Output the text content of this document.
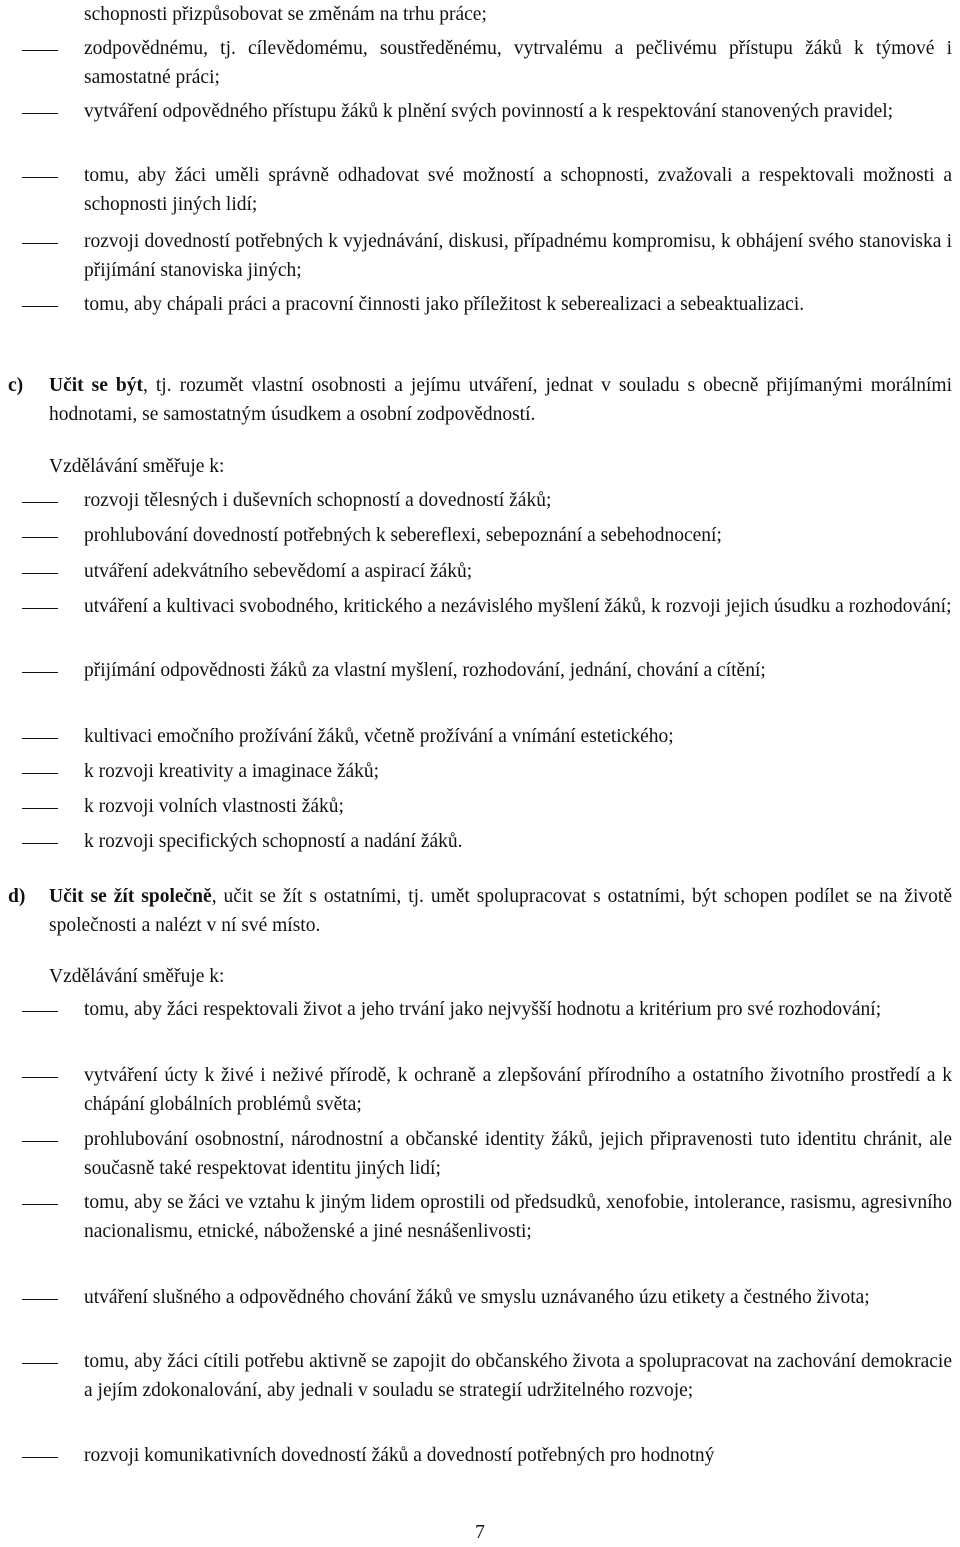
schopnosti přizpůsobovat se změnám na trhu práce;
zodpovědnému, tj. cílevědomému, soustředěnému, vytrvalému a pečlivému přístupu žáků k týmové i samostatné práci;
vytváření odpovědného přístupu žáků k plnění svých povinností a k respektování stanovených pravidel;
tomu, aby žáci uměli správně odhadovat své možností a schopnosti, zvažovali a respektovali možnosti a schopnosti jiných lidí;
rozvoji dovedností potřebných k vyjednávání, diskusi, případnému kompromisu, k obhájení svého stanoviska i přijímání stanoviska jiných;
tomu, aby chápali práci a pracovní činnosti jako příležitost k seberealizaci a sebeaktualizaci.
c) Učit se být, tj. rozumět vlastní osobnosti a jejímu utváření, jednat v souladu s obecně přijímanými morálními hodnotami, se samostatným úsudkem a osobní zodpovědností.
Vzdělávání směřuje k:
rozvoji tělesných i duševních schopností a dovedností žáků;
prohlubování dovedností potřebných k sebereflexi, sebepoznání a sebehodnocení;
utváření adekvátního sebevědomí a aspirací žáků;
utváření a kultivaci svobodného, kritického a nezávislého myšlení žáků, k rozvoji jejich úsudku a rozhodování;
přijímání odpovědnosti žáků za vlastní myšlení, rozhodování, jednání, chování a cítění;
kultivaci emočního prožívání žáků, včetně prožívání a vnímání estetického;
k rozvoji kreativity a imaginace žáků;
k rozvoji volních vlastnosti žáků;
k rozvoji specifických schopností a nadání žáků.
d) Učit se žít společně, učit se žít s ostatními, tj. umět spolupracovat s ostatními, být schopen podílet se na životě společnosti a nalézt v ní své místo.
Vzdělávání směřuje k:
tomu, aby žáci respektovali život a jeho trvání jako nejvyšší hodnotu a kritérium pro své rozhodování;
vytváření úcty k živé i neživé přírodě, k ochraně a zlepšování přírodního a ostatního životního prostředí a k chápání globálních problémů světa;
prohlubování osobnostní, národnostní a občanské identity žáků, jejich připravenosti tuto identitu chránit, ale současně také respektovat identitu jiných lidí;
tomu, aby se žáci ve vztahu k jiným lidem oprostili od předsudků, xenofobie, intolerance, rasismu, agresivního nacionalismu, etnické, náboženské a jiné nesnášenlivosti;
utváření slušného a odpovědného chování žáků ve smyslu uznávaného úzu etikety a čestného života;
tomu, aby žáci cítili potřebu aktivně se zapojit do občanského života a spolupracovat na zachování demokracie a jejím zdokonalování, aby jednali v souladu se strategií udržitelného rozvoje;
rozvoji komunikativních dovedností žáků a dovedností potřebných pro hodnotný
7
